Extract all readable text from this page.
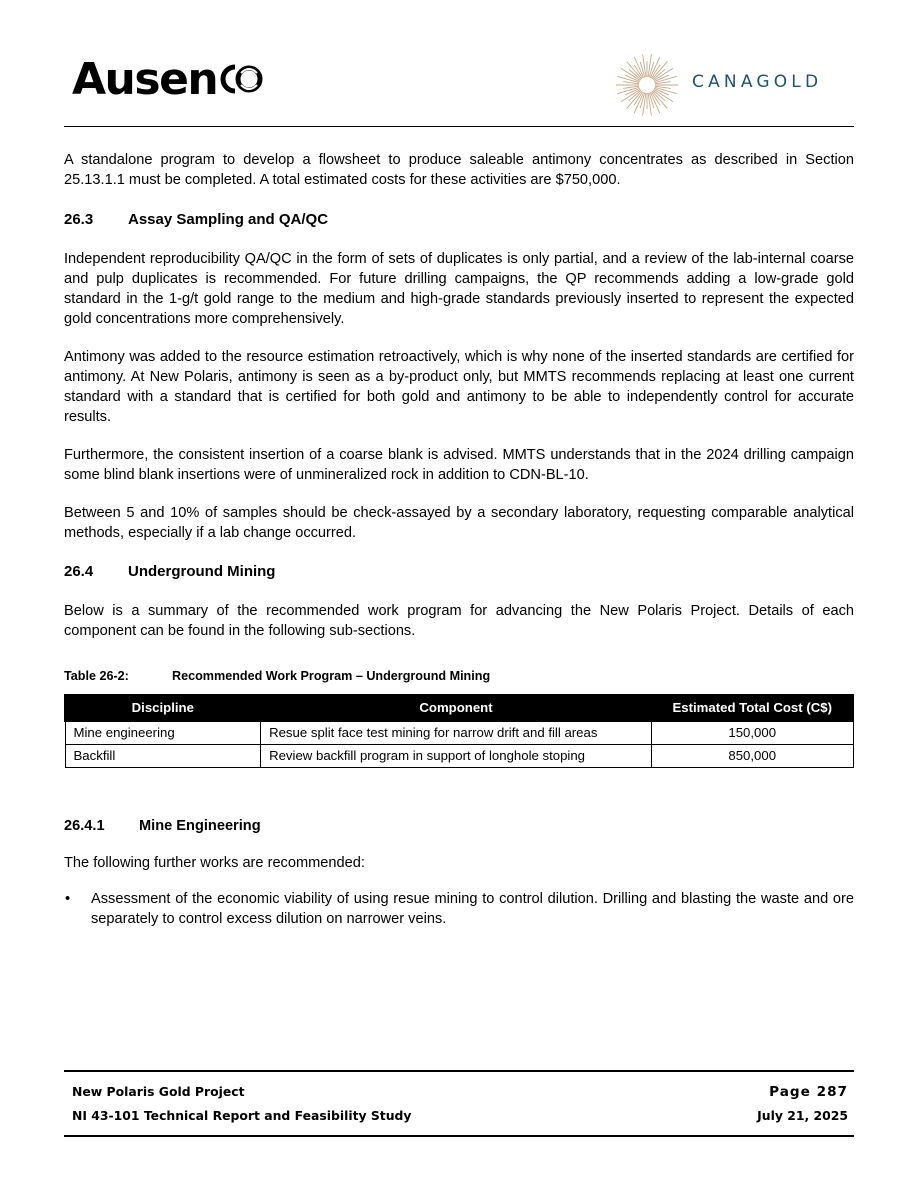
Ausen	CANAGOLD

A standalone program to develop a flowsheet to produce saleable antimony concentrates as described in Section 25.13.1.1 must be completed. A total estimated costs for these activities are $750,000.

26.3	Assay Sampling and QA/QC

Independent reproducibility QA/QC in the form of sets of duplicates is only partial, and a review of the lab-internal coarse and pulp duplicates is recommended. For future drilling campaigns, the QP recommends adding a low-grade gold standard in the 1-g/t gold range to the medium and high-grade standards previously inserted to represent the expected gold concentrations more comprehensively.

Antimony was added to the resource estimation retroactively, which is why none of the inserted standards are certified for antimony. At New Polaris, antimony is seen as a by-product only, but MMTS recommends replacing at least one current standard with a standard that is certified for both gold and antimony to be able to independently control for accurate results.

Furthermore, the consistent insertion of a coarse blank is advised. MMTS understands that in the 2024 drilling campaign some blind blank insertions were of unmineralized rock in addition to CDN-BL-10.

Between 5 and 10% of samples should be check-assayed by a secondary laboratory, requesting comparable analytical methods, especially if a lab change occurred.

26.4	Underground Mining

Below is a summary of the recommended work program for advancing the New Polaris Project. Details of each component can be found in the following sub-sections.

Table 26-2:	Recommended Work Program – Underground Mining
Discipline	Component	Estimated Total Cost (C$)
Mine engineering	Resue split face test mining for narrow drift and fill areas	150,000
Backfill	Review backfill program in support of longhole stoping	850,000
26.4.1	Mine Engineering

The following further works are recommended:

• Assessment of the economic viability of using resue mining to control dilution. Drilling and blasting the waste and ore separately to control excess dilution on narrower veins.
New Polaris Gold Project	Page 287
NI 43-101 Technical Report and Feasibility Study	July 21, 2025
